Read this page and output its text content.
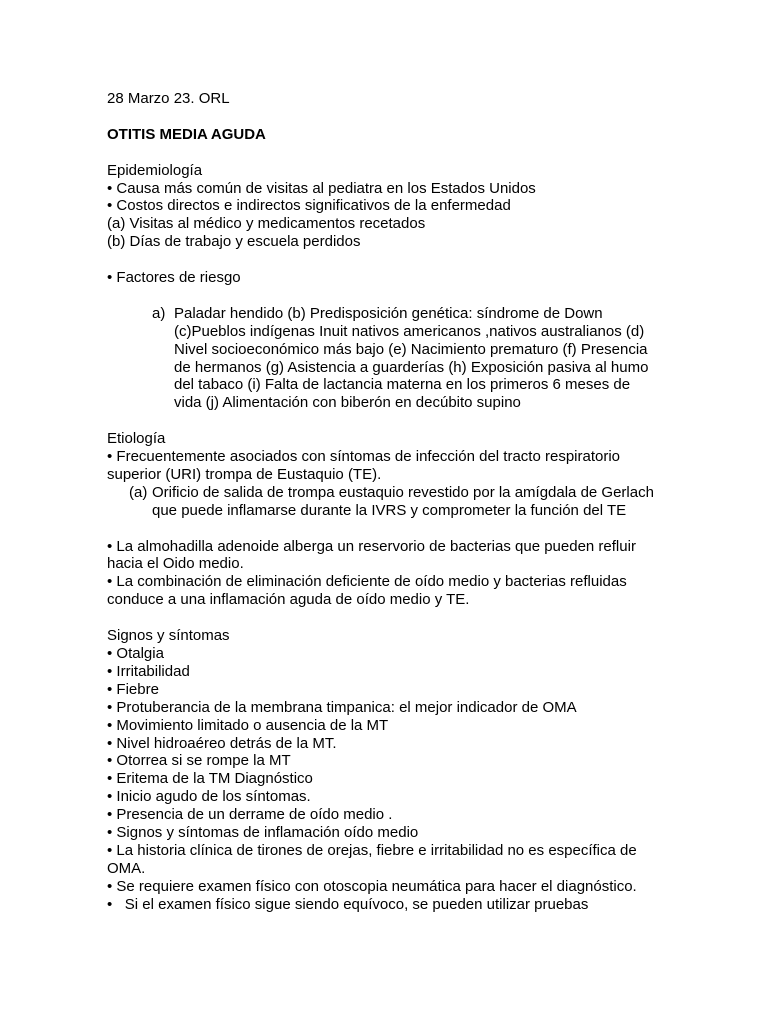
28 Marzo 23. ORL
OTITIS MEDIA AGUDA
Epidemiología
• Causa más común de visitas al pediatra en los Estados Unidos
• Costos directos e indirectos significativos de la enfermedad
(a) Visitas al médico y medicamentos recetados
(b) Días de trabajo y escuela perdidos
• Factores de riesgo
a) Paladar hendido (b) Predisposición genética: síndrome de Down (c)Pueblos indígenas Inuit nativos americanos ,nativos australianos (d) Nivel socioeconómico más bajo (e) Nacimiento prematuro (f) Presencia de hermanos (g) Asistencia a guarderías (h) Exposición pasiva al humo del tabaco (i) Falta de lactancia materna en los primeros 6 meses de vida (j) Alimentación con biberón en decúbito supino
Etiología
• Frecuentemente asociados con síntomas de infección del tracto respiratorio superior (URI) trompa de Eustaquio (TE).
(a) Orificio de salida de trompa eustaquio revestido por la amígdala de Gerlach que puede inflamarse durante la IVRS y comprometer la función del TE
• La almohadilla adenoide alberga un reservorio de bacterias que pueden refluir hacia el Oido medio.
• La combinación de eliminación deficiente de oído medio y bacterias refluidas conduce a una inflamación aguda de oído medio y TE.
Signos y síntomas
• Otalgia
• Irritabilidad
• Fiebre
• Protuberancia de la membrana timpanica: el mejor indicador de OMA
• Movimiento limitado o ausencia de la MT
• Nivel hidroaéreo detrás de la MT.
• Otorrea si se rompe la MT
• Eritema de la TM Diagnóstico
• Inicio agudo de los síntomas.
• Presencia de un derrame de oído medio .
• Signos y síntomas de inflamación oído medio
• La historia clínica de tirones de orejas, fiebre e irritabilidad no es específica de OMA.
• Se requiere examen físico con otoscopia neumática para hacer el diagnóstico.
•   Si el examen físico sigue siendo equívoco, se pueden utilizar pruebas
